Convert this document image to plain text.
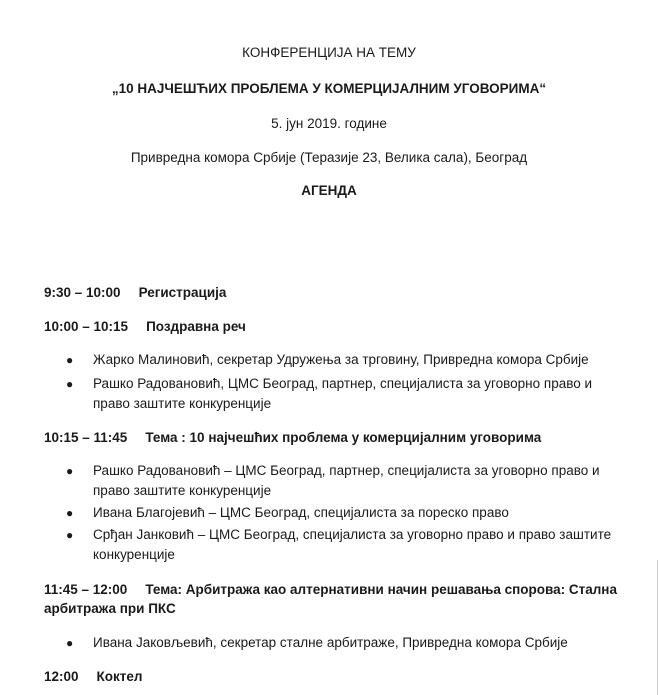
КОНФЕРЕНЦИЈА НА ТЕМУ

„10 НАЈЧЕШЋИХ ПРОБЛЕМА У КОМЕРЦИЈАЛНИМ УГОВОРИМА“

5. јун 2019. године

Привредна комора Србије (Теразије 23, Велика сала), Београд

АГЕНДА

9:30 – 10:00 Регистрација
10:00 – 10:15 Поздравна реч
● Жарко Малиновић, секретар Удружења за трговину, Привредна комора Србије
● Рашко Радовановић, ЦМС Београд, партнер, специјалиста за уговорно право и право заштите конкуренције
10:15 – 11:45 Тема : 10 најчешћих проблема у комерцијалним уговорима
● Рашко Радовановић – ЦМС Београд, партнер, специјалиста за уговорно право и право заштите конкуренције
● Ивана Благојевић – ЦМС Београд, специјалиста за пореско право
● Срђан Јанковић – ЦМС Београд, специјалиста за уговорно право и право заштите конкуренције
11:45 – 12:00 Тема: Арбитража као алтернативни начин решавања спорова: Стална
арбитража при ПКС
● Ивана Јаковљевић, секретар сталне арбитраже, Привредна комора Србије
12:00 Коктел
